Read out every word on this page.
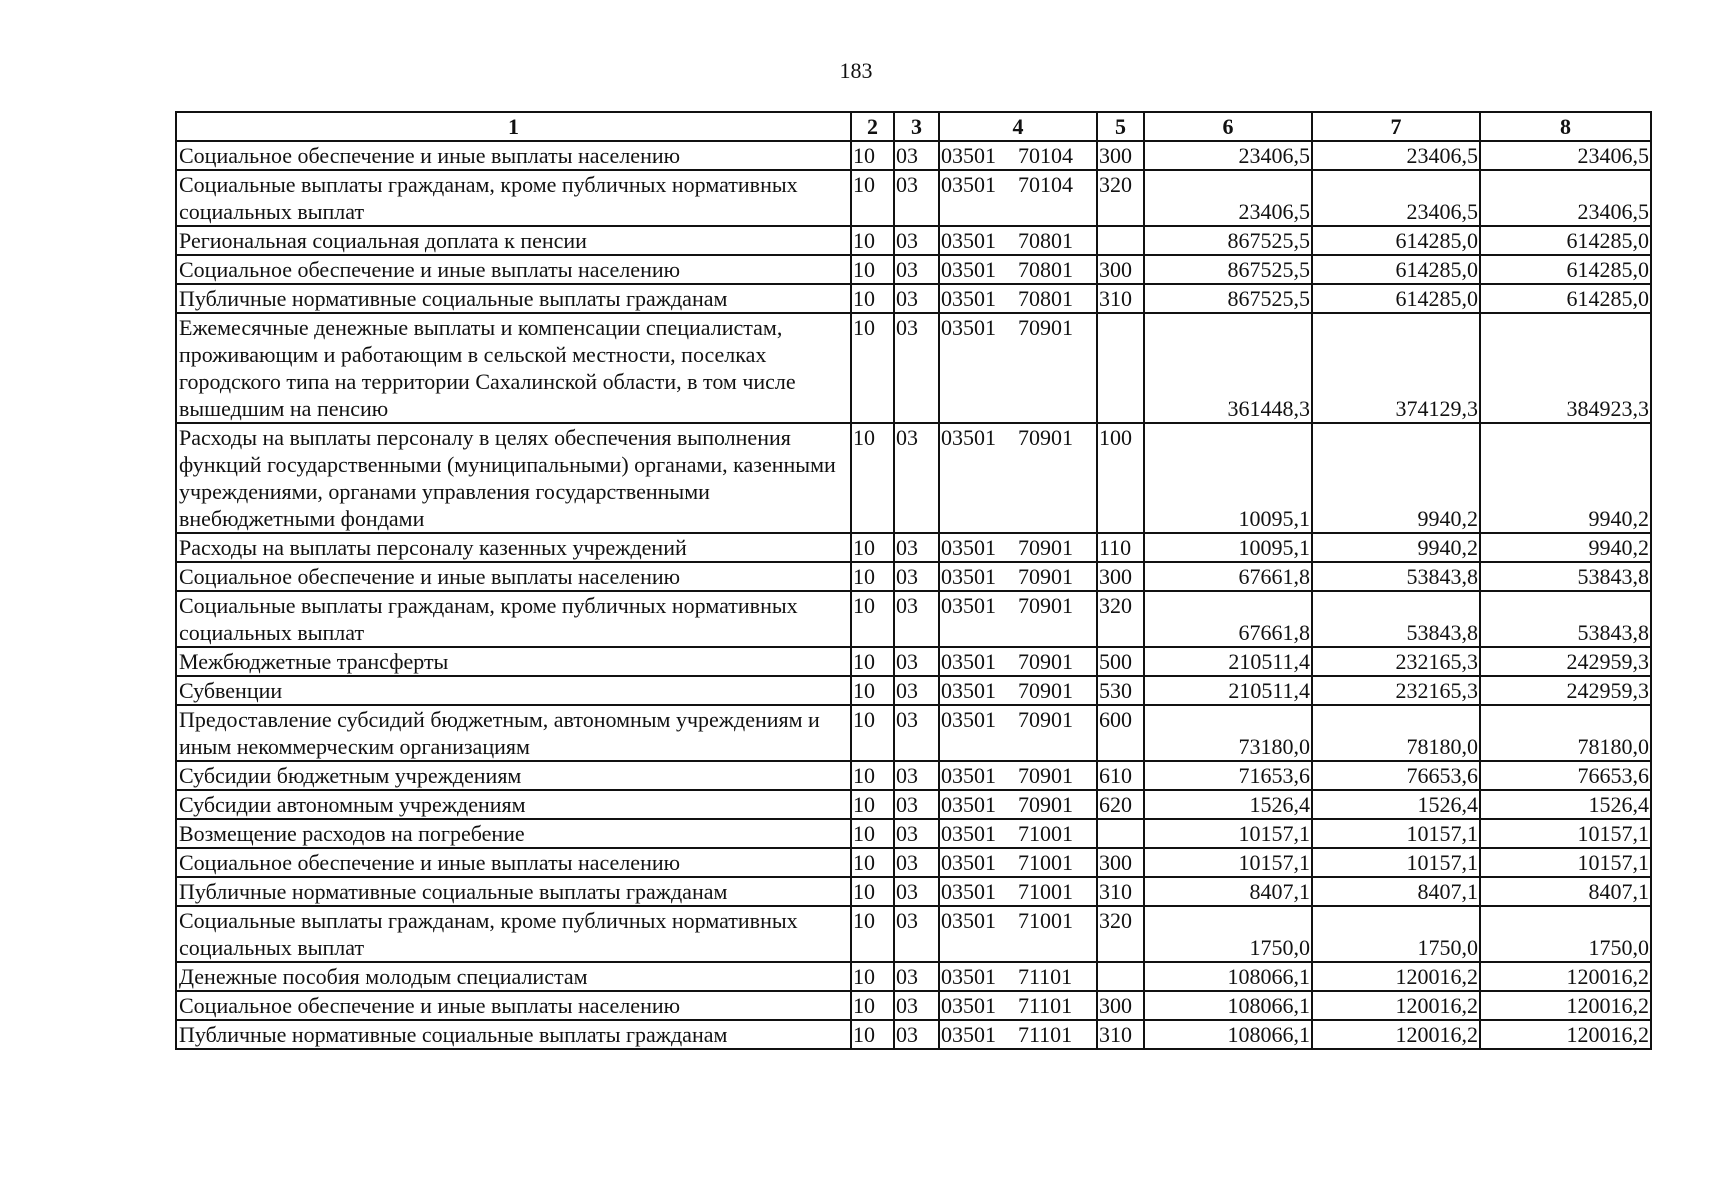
183
1	2	3	4	5	6	7	8
Социальное обеспечение и иные выплаты населению	10	03	03501    70104	300	23406,5	23406,5	23406,5
Социальные выплаты гражданам, кроме публичных нормативных социальных выплат	10	03	03501    70104	320	23406,5	23406,5	23406,5
Региональная социальная доплата к пенсии	10	03	03501    70801		867525,5	614285,0	614285,0
Социальное обеспечение и иные выплаты населению	10	03	03501    70801	300	867525,5	614285,0	614285,0
Публичные нормативные социальные выплаты гражданам	10	03	03501    70801	310	867525,5	614285,0	614285,0
Ежемесячные денежные выплаты и компенсации специалистам, проживающим и работающим в сельской местности, поселках городского типа на территории Сахалинской области, в том числе вышедшим на пенсию	10	03	03501    70901		361448,3	374129,3	384923,3
Расходы на выплаты персоналу в целях обеспечения выполнения функций государственными (муниципальными) органами, казенными учреждениями, органами управления государственными внебюджетными фондами	10	03	03501    70901	100	10095,1	9940,2	9940,2
Расходы на выплаты персоналу казенных учреждений	10	03	03501    70901	110	10095,1	9940,2	9940,2
Социальное обеспечение и иные выплаты населению	10	03	03501    70901	300	67661,8	53843,8	53843,8
Социальные выплаты гражданам, кроме публичных нормативных социальных выплат	10	03	03501    70901	320	67661,8	53843,8	53843,8
Межбюджетные трансферты	10	03	03501    70901	500	210511,4	232165,3	242959,3
Субвенции	10	03	03501    70901	530	210511,4	232165,3	242959,3
Предоставление субсидий бюджетным, автономным учреждениям и иным некоммерческим организациям	10	03	03501    70901	600	73180,0	78180,0	78180,0
Субсидии бюджетным учреждениям	10	03	03501    70901	610	71653,6	76653,6	76653,6
Субсидии автономным учреждениям	10	03	03501    70901	620	1526,4	1526,4	1526,4
Возмещение расходов на погребение	10	03	03501    71001		10157,1	10157,1	10157,1
Социальное обеспечение и иные выплаты населению	10	03	03501    71001	300	10157,1	10157,1	10157,1
Публичные нормативные социальные выплаты гражданам	10	03	03501    71001	310	8407,1	8407,1	8407,1
Социальные выплаты гражданам, кроме публичных нормативных социальных выплат	10	03	03501    71001	320	1750,0	1750,0	1750,0
Денежные пособия молодым специалистам	10	03	03501    71101		108066,1	120016,2	120016,2
Социальное обеспечение и иные выплаты населению	10	03	03501    71101	300	108066,1	120016,2	120016,2
Публичные нормативные социальные выплаты гражданам	10	03	03501    71101	310	108066,1	120016,2	120016,2
